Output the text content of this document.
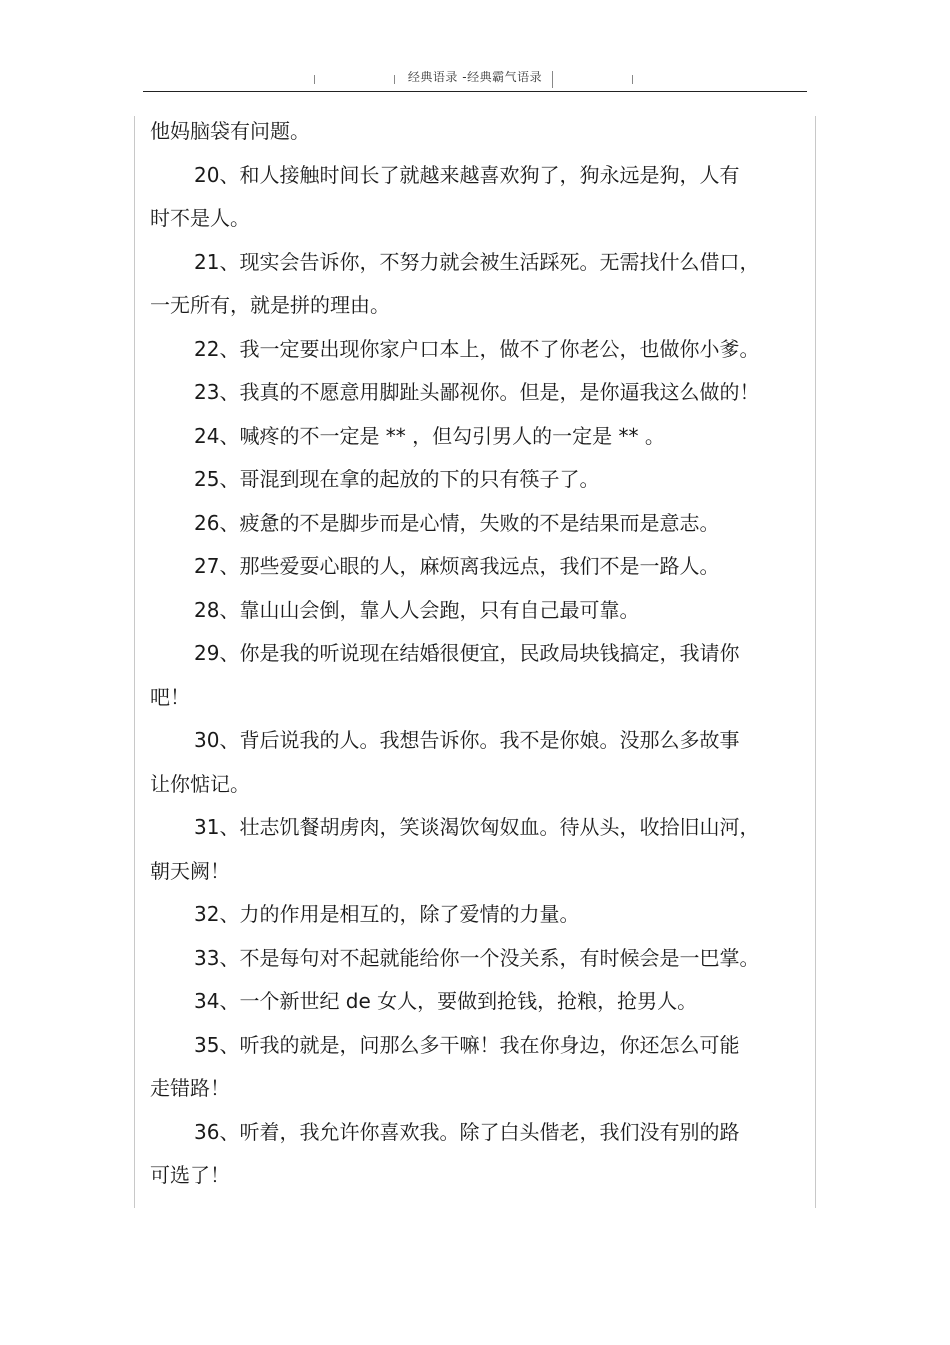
经典语录 -经典霸气语录
他妈脑袋有问题。
20、和人接触时间长了就越来越喜欢狗了，狗永远是狗，人有
时不是人。
21、现实会告诉你，不努力就会被生活踩死。无需找什么借口，
一无所有，就是拼的理由。
22、我一定要出现你家户口本上，做不了你老公，也做你小爹。
23、我真的不愿意用脚趾头鄙视你。但是，是你逼我这么做的！
24、喊疼的不一定是 ** ，但勾引男人的一定是 ** 。
25、哥混到现在拿的起放的下的只有筷子了。
26、疲惫的不是脚步而是心情，失败的不是结果而是意志。
27、那些爱耍心眼的人，麻烦离我远点，我们不是一路人。
28、靠山山会倒，靠人人会跑，只有自己最可靠。
29、你是我的听说现在结婚很便宜，民政局块钱搞定，我请你
吧！
30、背后说我的人。我想告诉你。我不是你娘。没那么多故事
让你惦记。
31、壮志饥餐胡虏肉，笑谈渴饮匈奴血。待从头，收拾旧山河，
朝天阙！
32、力的作用是相互的，除了爱情的力量。
33、不是每句对不起就能给你一个没关系，有时候会是一巴掌。
34、一个新世纪 de 女人，要做到抢钱，抢粮，抢男人。
35、听我的就是，问那么多干嘛！我在你身边，你还怎么可能
走错路！
36、听着，我允许你喜欢我。除了白头偕老，我们没有别的路
可选了！
